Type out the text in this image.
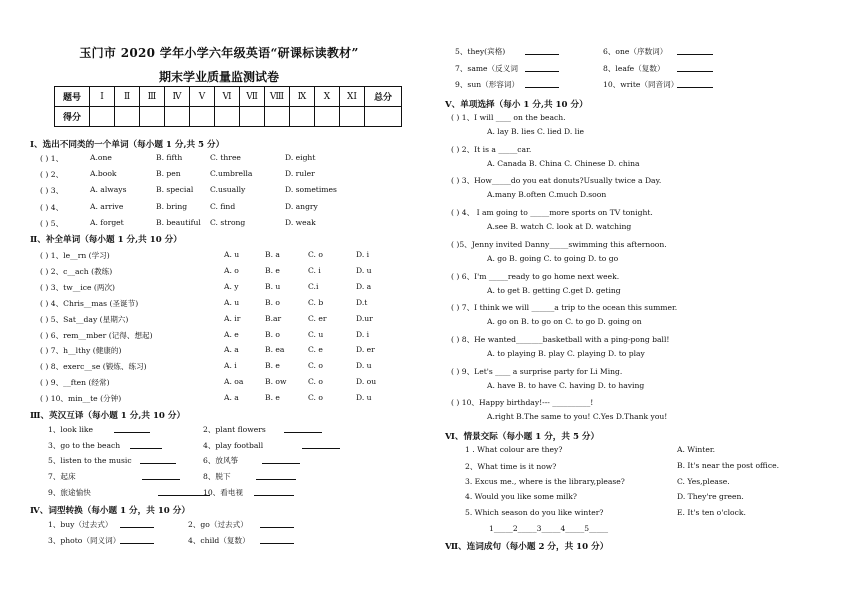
玉门市 2020 学年小学六年级英语“研课标读教材”
期末学业质量监测试卷
题号	Ⅰ	Ⅱ	Ⅲ	Ⅳ	Ⅴ	Ⅵ	Ⅶ	Ⅷ	Ⅸ	Ⅹ	ⅩⅠ	总分
得分												
Ⅰ、选出不同类的一个单词（每小题 1 分,共 5 分）
( ) 1、	A.one	B. fifth	C. three	D. eight
( ) 2、	A.book	B. pen	C.umbrella	D. ruler
( ) 3、	A. always	B. special C.usually	D. sometimes
( ) 4、	A. arrive	B. bring	C. find	D. angry
( ) 5、	A. forget	B. beautiful C. strong	D. weak
Ⅱ、补全单词（每小题 1 分,共 10 分）
( ) 1、le__rn (学习)	A. u	B. a	C. o	D. i
( ) 2、c__ach (教练)	A. o	B. e	C. i	D. u
( ) 3、tw__ice (两次)	A. y	B. u	C.i	D. a
( ) 4、Chris__mas (圣诞节)	A. u	B. o	C. b	D.t
( ) 5、Sat__day (星期六)	A. ir	B.ar	C. er	D.ur
( ) 6、rem__mber (记得、想起)	A. e	B. o	C. u	D. i
( ) 7、h__lthy (健康的)	A. a	B. ea	C. e	D. er
( ) 8、exerc__se (锻炼、练习)	A. i	B. e	C. o	D. u
( ) 9、__ften (经常)	A. oa	B. ow	C. o	D. ou
( ) 10、min__te (分钟)	A. a	B. e	C. o	D. u
Ⅲ、英汉互译（每小题 1 分,共 10 分）
1、look like	2、plant flowers
3、go to the beach	4、play football
5、listen to the music	6、放风筝
7、起床	8、脱下
9、旅途愉快	10、看电视
Ⅳ、词型转换（每小题 1 分，共 10 分）
1、buy（过去式）	2、go（过去式）
3、photo（同义词）	4、child（复数）
5、they(宾格)	6、one（序数词）
7、same（反义词	8、leafe（复数）
9、sun（形容词）	10、write（同音词）
Ⅴ、单项选择（每小 1 分,共 10 分）
( ) 1、I will ____ on the beach.
A. lay B. lies C. lied D. lie
( ) 2、It is a _____car.
A. Canada B. China C. Chinese D. china
( ) 3、How_____do you eat donuts?Usually twice a Day.
A.many B.often C.much D.soon
( ) 4、 I am going to _____more sports on TV tonight.
A.see B. watch C. look at D. watching
( )5、Jenny invited Danny_____swimming this afternoon.
A. go B. going C. to going D. to go
( ) 6、I'm _____ready to go home next week.
A. to get B. getting C.get D. geting
( ) 7、I think we will ______a trip to the ocean this summer.
A. go on B. to go on C. to go D. going on
( ) 8、He wanted_______basketball with a ping-pong ball!
A. to playing B. play C. playing D. to play
( ) 9、Let's ____ a surprise party for Li Ming.
A. have B. to have C. having D. to having
( ) 10、Happy birthday!--- __________!
A.right B.The same to you! C.Yes D.Thank you!
Ⅵ、情景交际（每小题 1 分，共 5 分）
1 . What colour are they?	A. Winter.
2、What time is it now?	B. It's near the post office.
3. Excus me., where is the library,please?	C. Yes,please.
4. Would you like some milk?	D. They're green.
5. Which season do you like winter?	E. It's ten o'clock.
1_____2_____3_____4_____5_____
Ⅶ、连词成句（每小题 2 分，共 10 分）
